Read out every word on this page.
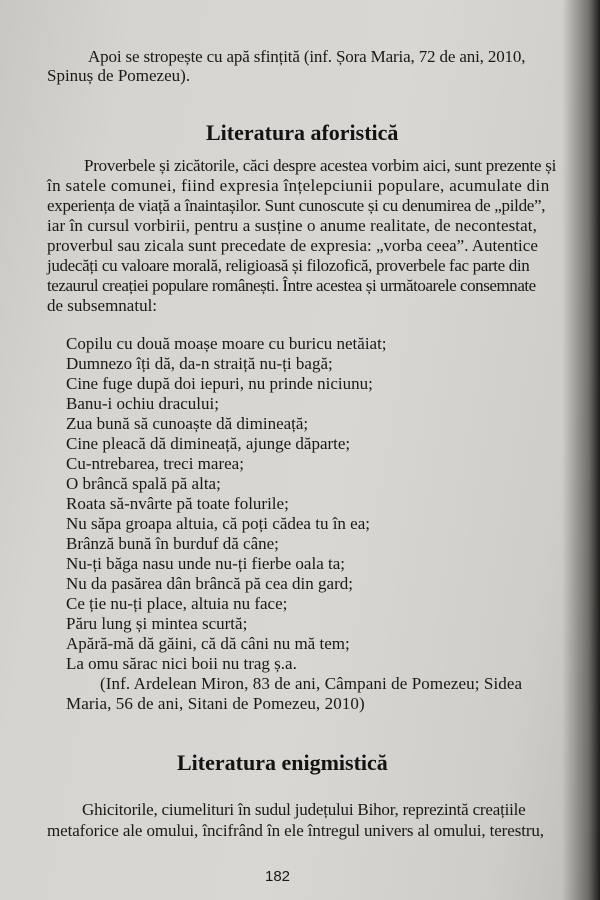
Apoi se stropește cu apă sfințită (inf. Șora Maria, 72 de ani, 2010,

Spinuș de Pomezeu).

Literatura aforistică

Proverbele și zicătorile, căci despre acestea vorbim aici, sunt prezente și

în satele comunei, fiind expresia înțelepciunii populare, acumulate din

experiența de viață a înaintașilor. Sunt cunoscute și cu denumirea de „pilde”,

iar în cursul vorbirii, pentru a susține o anume realitate, de necontestat,

proverbul sau zicala sunt precedate de expresia: „vorba ceea”. Autentice

judecăți cu valoare morală, religioasă și filozofică, proverbele fac parte din

tezaurul creației populare românești. Între acestea și următoarele consemnate

de subsemnatul:

Copilu cu două moașe moare cu buricu netăiat;

Dumnezo îți dă, da-n straiță nu-ți bagă;

Cine fuge după doi iepuri, nu prinde niciunu;

Banu-i ochiu dracului;

Zua bună să cunoaște dă dimineață;

Cine pleacă dă dimineață, ajunge dăparte;

Cu-ntrebarea, treci marea;

O brâncă spală pă alta;

Roata să-nvârte pă toate folurile;

Nu săpa groapa altuia, că poți cădea tu în ea;

Brânză bună în burduf dă câne;

Nu-ți băga nasu unde nu-ți fierbe oala ta;

Nu da pasărea dân brâncă pă cea din gard;

Ce ție nu-ți place, altuia nu face;

Păru lung și mintea scurtă;

Apără-mă dă găini, că dă câni nu mă tem;

La omu sărac nici boii nu trag ș.a.

(Inf. Ardelean Miron, 83 de ani, Câmpani de Pomezeu; Sidea

Maria, 56 de ani, Sitani de Pomezeu, 2010)

Literatura enigmistică

Ghicitorile, ciumelituri în sudul județului Bihor, reprezintă creațiile

metaforice ale omului, încifrând în ele întregul univers al omului, terestru,

182
